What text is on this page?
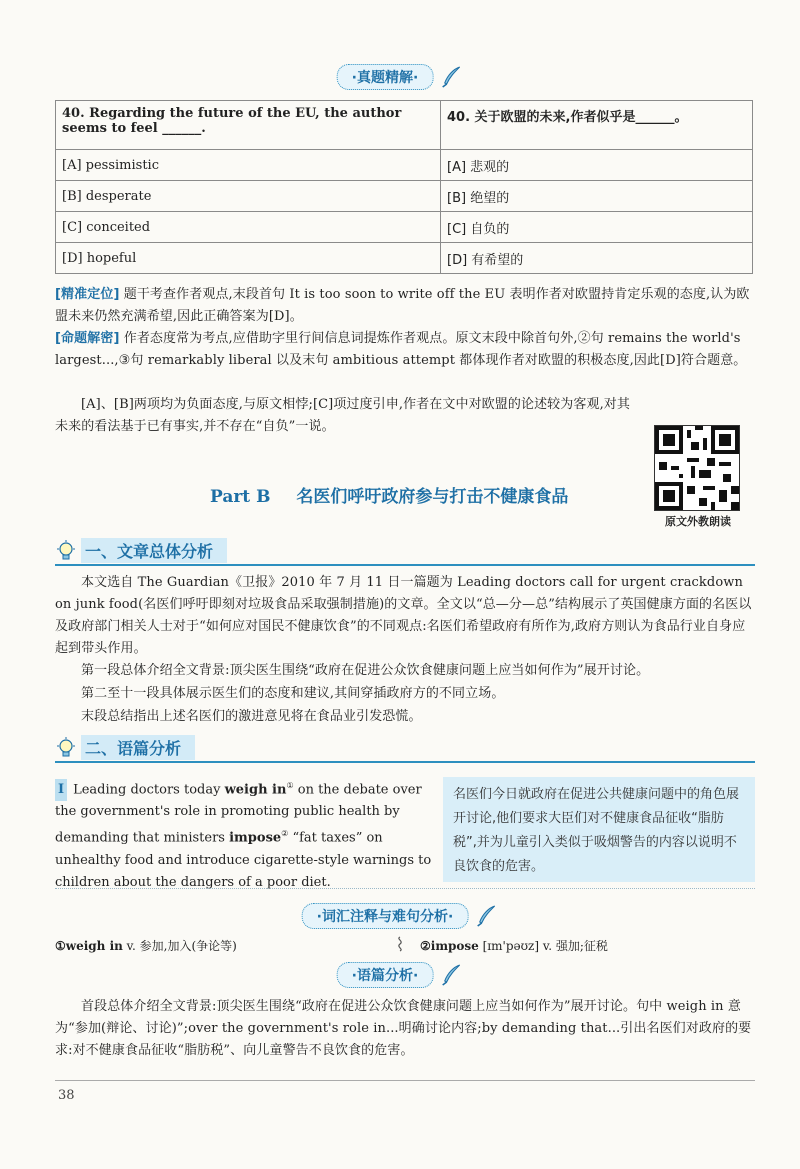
·真题精解·
40. Regarding the future of the EU, the author seems to feel ______.	40. 关于欧盟的未来,作者似乎是______。
[A] pessimistic	[A] 悲观的
[B] desperate	[B] 绝望的
[C] conceited	[C] 自负的
[D] hopeful	[D] 有希望的
[精准定位] 题干考查作者观点,末段首句 It is too soon to write off the EU 表明作者对欧盟持肯定乐观的态度,认为欧盟未来仍然充满希望,因此正确答案为[D]。
[命题解密] 作者态度常为考点,应借助字里行间信息词提炼作者观点。原文末段中除首句外,②句 remains the world's largest...,③句 remarkably liberal 以及末句 ambitious attempt 都体现作者对欧盟的积极态度,因此[D]符合题意。
[A]、[B]两项均为负面态度,与原文相悖;[C]项过度引申,作者在文中对欧盟的论述较为客观,对其未来的看法基于已有事实,并不存在“自负”一说。
原文外教朗读
Part B 名医们呼吁政府参与打击不健康食品
一、文章总体分析
本文选自 The Guardian《卫报》2010 年 7 月 11 日一篇题为 Leading doctors call for urgent crackdown on junk food(名医们呼吁即刻对垃圾食品采取强制措施)的文章。全文以“总—分—总”结构展示了英国健康方面的名医以及政府部门相关人士对于“如何应对国民不健康饮食”的不同观点:名医们希望政府有所作为,政府方则认为食品行业自身应起到带头作用。
第一段总体介绍全文背景:顶尖医生围绕“政府在促进公众饮食健康问题上应当如何作为”展开讨论。
第二至十一段具体展示医生们的态度和建议,其间穿插政府方的不同立场。
末段总结指出上述名医们的激进意见将在食品业引发恐慌。
二、语篇分析
I Leading doctors today weigh in① on the debate over the government's role in promoting public health by demanding that ministers impose② “fat taxes” on unhealthy food and introduce cigarette-style warnings to children about the dangers of a poor diet.
名医们今日就政府在促进公共健康问题中的角色展开讨论,他们要求大臣们对不健康食品征收“脂肪税”,并为儿童引入类似于吸烟警告的内容以说明不良饮食的危害。
·词汇注释与难句分析·
①weigh in v. 参加,加入(争论等)	②impose [ɪm'pəʊz] v. 强加;征税
·语篇分析·
首段总体介绍全文背景:顶尖医生围绕“政府在促进公众饮食健康问题上应当如何作为”展开讨论。句中 weigh in 意为“参加(辩论、讨论)”;over the government's role in...明确讨论内容;by demanding that...引出名医们对政府的要求:对不健康食品征收“脂肪税”、向儿童警告不良饮食的危害。
38
